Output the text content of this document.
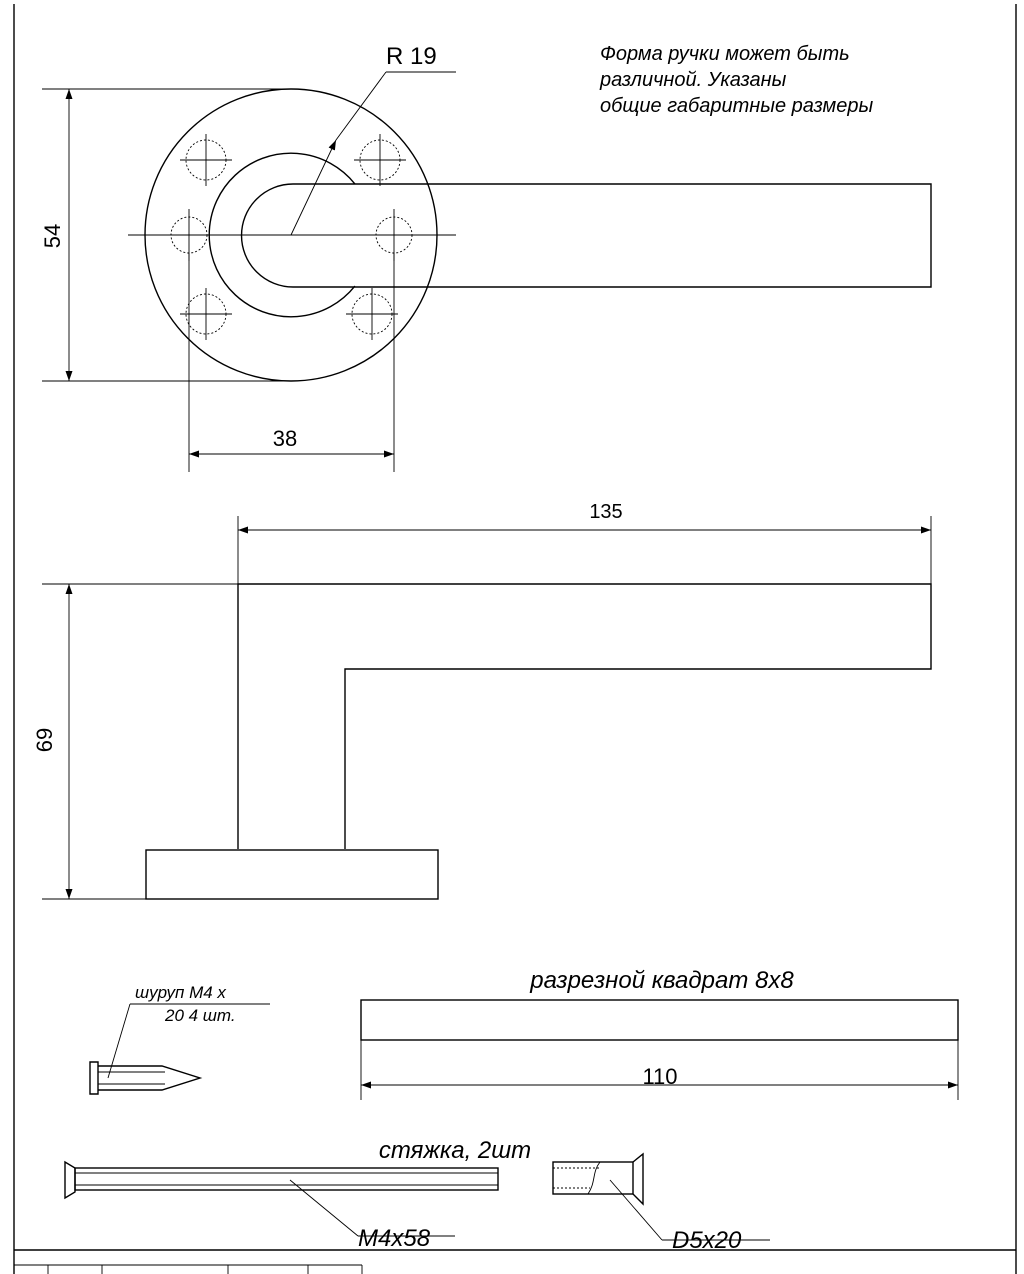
Форма ручки может быть
различной. Указаны
общие габаритные размеры
R 19
54
38
135
69
шуруп М4 х
20 4 шт.
разрезной квадрат 8х8
110
стяжка, 2шт
М4х58	D5х20
